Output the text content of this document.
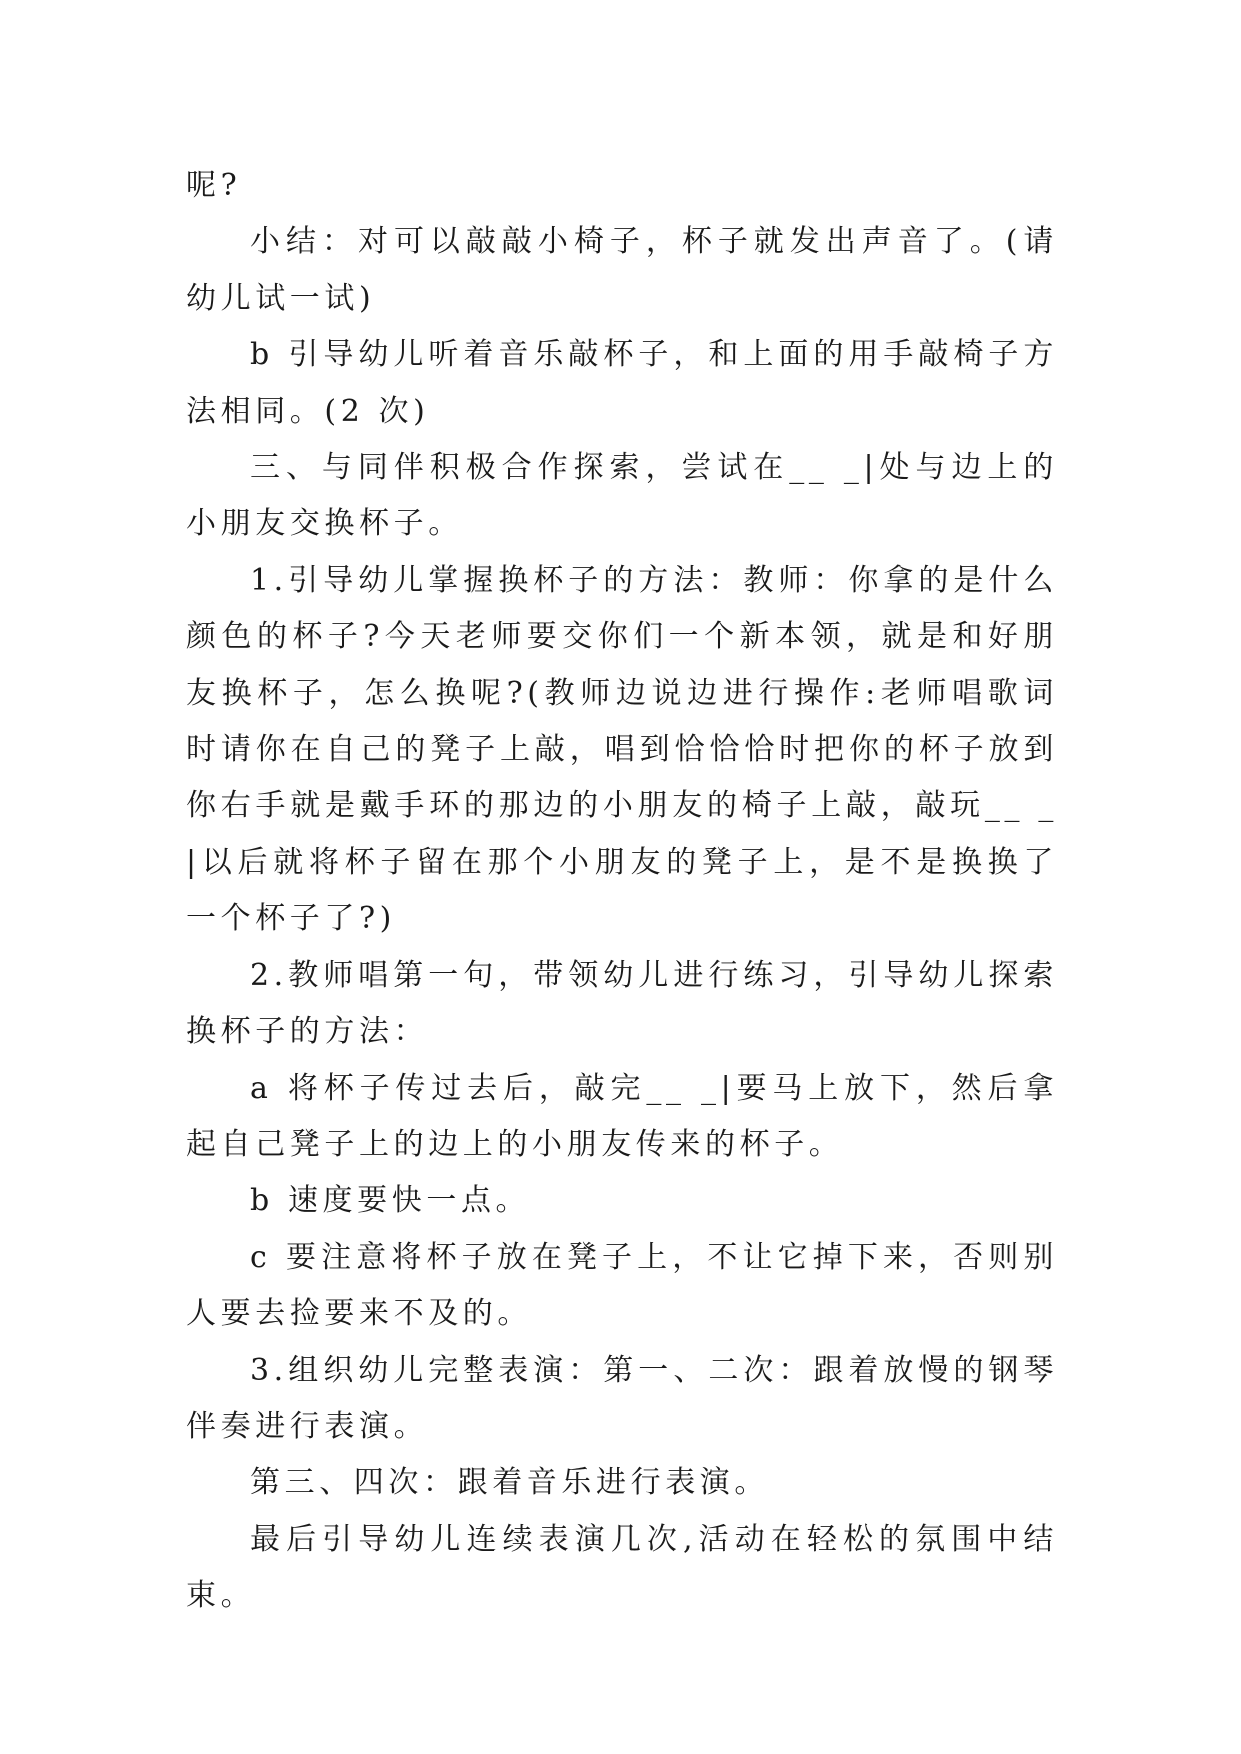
呢?

小结：对可以敲敲小椅子，杯子就发出声音了。(请幼儿试一试)

b 引导幼儿听着音乐敲杯子，和上面的用手敲椅子方法相同。(2 次)

三、与同伴积极合作探索，尝试在__ _|处与边上的小朋友交换杯子。

1.引导幼儿掌握换杯子的方法：教师：你拿的是什么颜色的杯子?今天老师要交你们一个新本领，就是和好朋友换杯子，怎么换呢?(教师边说边进行操作:老师唱歌词时请你在自己的凳子上敲，唱到恰恰恰时把你的杯子放到你右手就是戴手环的那边的小朋友的椅子上敲，敲玩__ _|以后就将杯子留在那个小朋友的凳子上，是不是换换了一个杯子了?)

2.教师唱第一句，带领幼儿进行练习，引导幼儿探索换杯子的方法：

a 将杯子传过去后，敲完__ _|要马上放下，然后拿起自己凳子上的边上的小朋友传来的杯子。

b 速度要快一点。

c 要注意将杯子放在凳子上，不让它掉下来，否则别人要去捡要来不及的。

3.组织幼儿完整表演：第一、二次：跟着放慢的钢琴伴奏进行表演。

第三、四次：跟着音乐进行表演。

最后引导幼儿连续表演几次,活动在轻松的氛围中结束。
